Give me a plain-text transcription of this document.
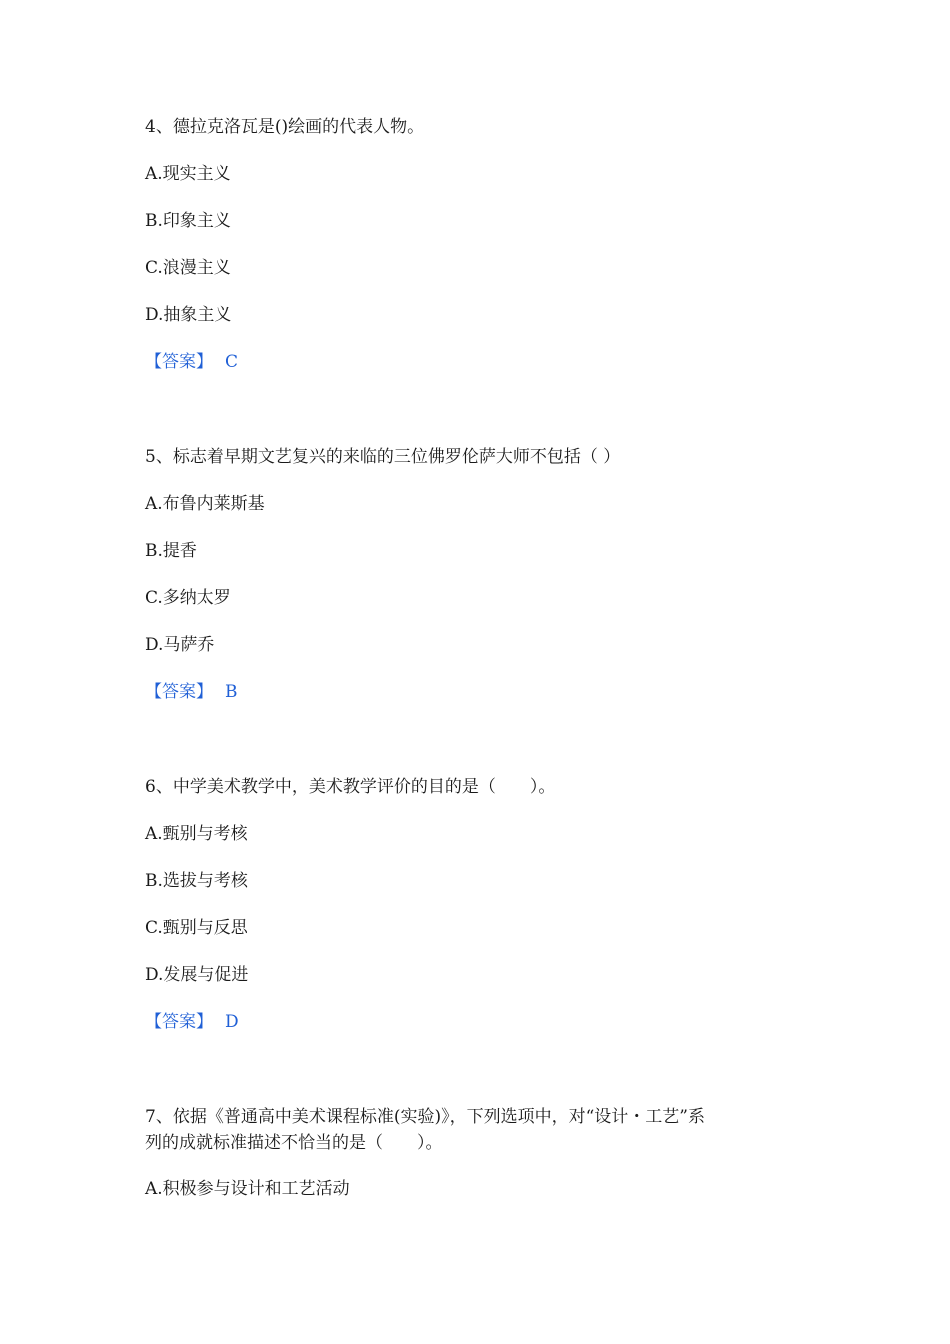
4、德拉克洛瓦是()绘画的代表人物。
A.现实主义
B.印象主义
C.浪漫主义
D.抽象主义
【答案】 C
5、标志着早期文艺复兴的来临的三位佛罗伦萨大师不包括（ ）
A.布鲁内莱斯基
B.提香
C.多纳太罗
D.马萨乔
【答案】 B
6、中学美术教学中，美术教学评价的目的是（　　）。
A.甄别与考核
B.选拔与考核
C.甄别与反思
D.发展与促进
【答案】 D
7、依据《普通高中美术课程标准(实验)》，下列选项中，对“设计・工艺”系
列的成就标准描述不恰当的是（　　）。
A.积极参与设计和工艺活动
